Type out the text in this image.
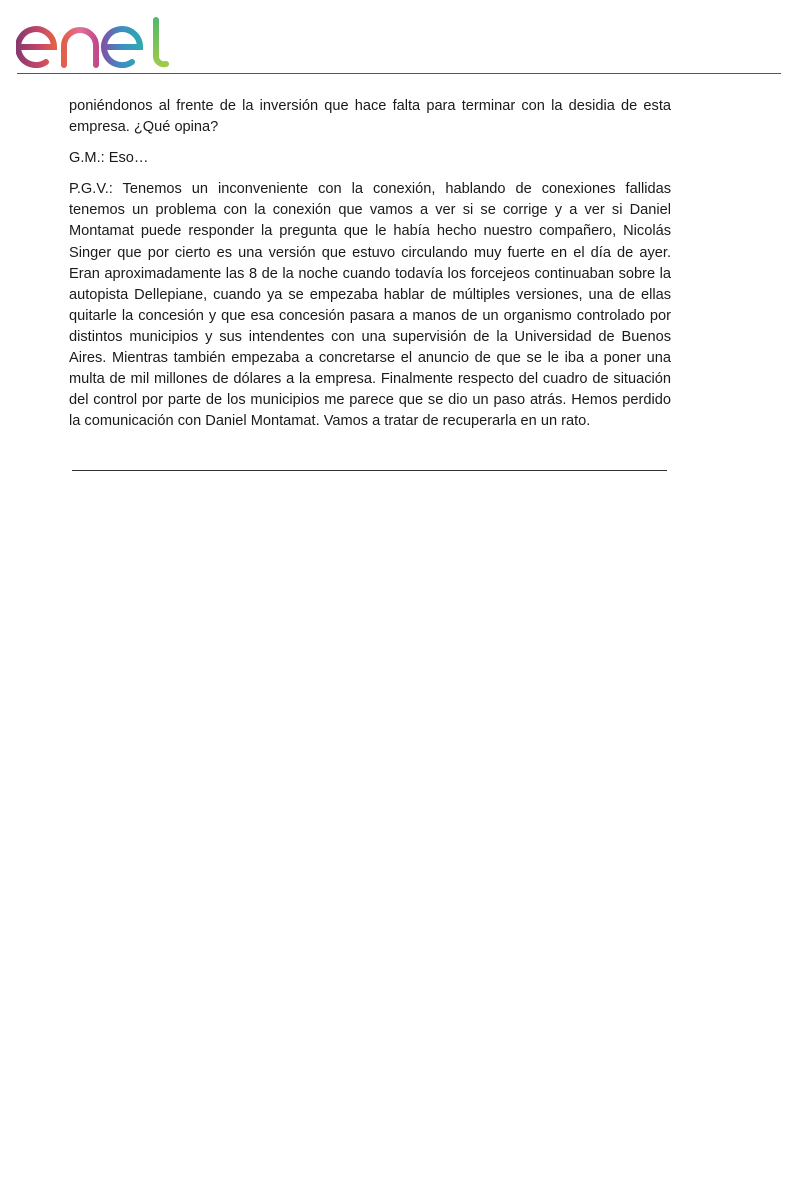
poniéndonos al frente de la inversión que hace falta para terminar con la desidia de esta empresa. ¿Qué opina?

G.M.: Eso…

P.G.V.: Tenemos un inconveniente con la conexión, hablando de conexiones fallidas tenemos un problema con la conexión que vamos a ver si se corrige y a ver si Daniel Montamat puede responder la pregunta que le había hecho nuestro compañero, Nicolás Singer que por cierto es una versión que estuvo circulando muy fuerte en el día de ayer. Eran aproximadamente las 8 de la noche cuando todavía los forcejeos continuaban sobre la autopista Dellepiane, cuando ya se empezaba hablar de múltiples versiones, una de ellas quitarle la concesión y que esa concesión pasara a manos de un organismo controlado por distintos municipios y sus intendentes con una supervisión de la Universidad de Buenos Aires. Mientras también empezaba a concretarse el anuncio de que se le iba a poner una multa de mil millones de dólares a la empresa. Finalmente respecto del cuadro de situación del control por parte de los municipios me parece que se dio un paso atrás. Hemos perdido la comunicación con Daniel Montamat. Vamos a tratar de recuperarla en un rato.
